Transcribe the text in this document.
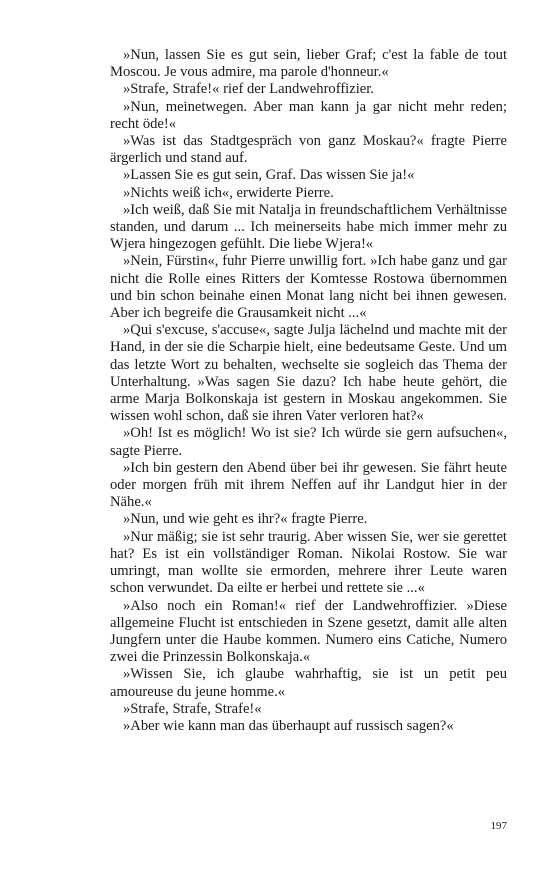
»Nun, lassen Sie es gut sein, lieber Graf; c'est la fable de tout Moscou. Je vous admire, ma parole d'honneur.«

»Strafe, Strafe!« rief der Landwehroffizier.

»Nun, meinetwegen. Aber man kann ja gar nicht mehr reden; recht öde!«

»Was ist das Stadtgespräch von ganz Moskau?« fragte Pierre ärgerlich und stand auf.

»Lassen Sie es gut sein, Graf. Das wissen Sie ja!«

»Nichts weiß ich«, erwiderte Pierre.

»Ich weiß, daß Sie mit Natalja in freundschaftlichem Verhältnisse standen, und darum ... Ich meinerseits habe mich immer mehr zu Wjera hingezogen gefühlt. Die liebe Wjera!«

»Nein, Fürstin«, fuhr Pierre unwillig fort. »Ich habe ganz und gar nicht die Rolle eines Ritters der Komtesse Rostowa übernommen und bin schon beinahe einen Monat lang nicht bei ihnen gewesen. Aber ich begreife die Grausamkeit nicht ...«

»Qui s'excuse, s'accuse«, sagte Julja lächelnd und machte mit der Hand, in der sie die Scharpie hielt, eine bedeutsame Geste. Und um das letzte Wort zu behalten, wechselte sie sogleich das Thema der Unterhaltung. »Was sagen Sie dazu? Ich habe heute gehört, die arme Marja Bolkonskaja ist gestern in Moskau angekommen. Sie wissen wohl schon, daß sie ihren Vater verloren hat?«

»Oh! Ist es möglich! Wo ist sie? Ich würde sie gern aufsuchen«, sagte Pierre.

»Ich bin gestern den Abend über bei ihr gewesen. Sie fährt heute oder morgen früh mit ihrem Neffen auf ihr Landgut hier in der Nähe.«

»Nun, und wie geht es ihr?« fragte Pierre.

»Nur mäßig; sie ist sehr traurig. Aber wissen Sie, wer sie gerettet hat? Es ist ein vollständiger Roman. Nikolai Rostow. Sie war umringt, man wollte sie ermorden, mehrere ihrer Leute waren schon verwundet. Da eilte er herbei und rettete sie ...«

»Also noch ein Roman!« rief der Landwehroffizier. »Diese allgemeine Flucht ist entschieden in Szene gesetzt, damit alle alten Jungfern unter die Haube kommen. Numero eins Catiche, Numero zwei die Prinzessin Bolkonskaja.«

»Wissen Sie, ich glaube wahrhaftig, sie ist un petit peu amoureuse du jeune homme.«

»Strafe, Strafe, Strafe!«

»Aber wie kann man das überhaupt auf russisch sagen?«

197
